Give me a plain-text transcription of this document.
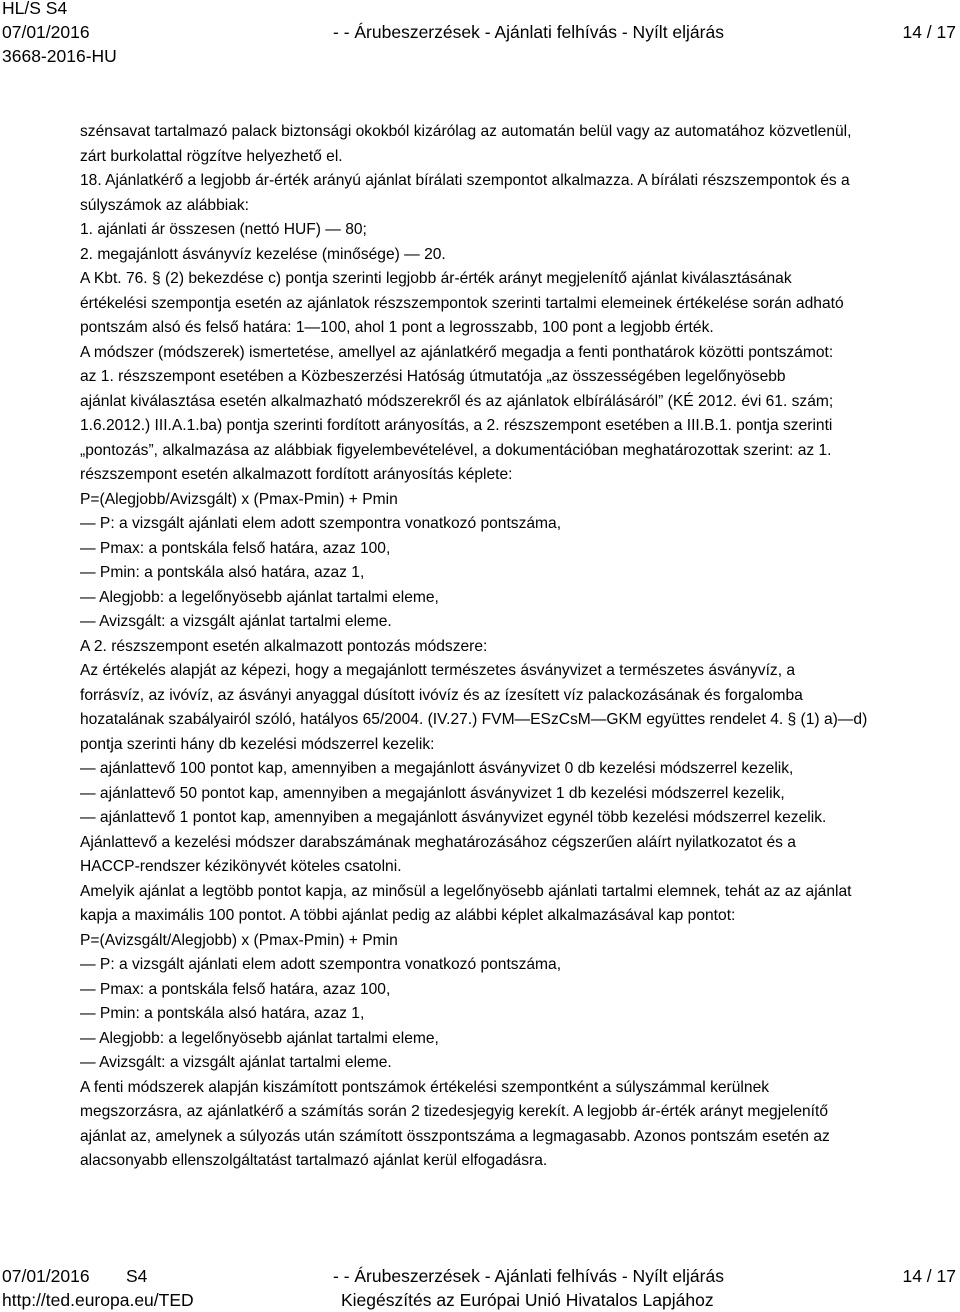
HL/S S4
07/01/2016
3668-2016-HU
- - Árubeszerzések - Ajánlati felhívás - Nyílt eljárás	14 / 17
szénsavat tartalmazó palack biztonsági okokból kizárólag az automatán belül vagy az automatához közvetlenül,
zárt burkolattal rögzítve helyezhető el.
18. Ajánlatkérő a legjobb ár-érték arányú ajánlat bírálati szempontot alkalmazza. A bírálati részszempontok és a
súlyszámok az alábbiak:
1. ajánlati ár összesen (nettó HUF) — 80;
2. megajánlott ásványvíz kezelése (minősége) — 20.
A Kbt. 76. § (2) bekezdése c) pontja szerinti legjobb ár-érték arányt megjelenítő ajánlat kiválasztásának
értékelési szempontja esetén az ajánlatok részszempontok szerinti tartalmi elemeinek értékelése során adható
pontszám alsó és felső határa: 1—100, ahol 1 pont a legrosszabb, 100 pont a legjobb érték.
A módszer (módszerek) ismertetése, amellyel az ajánlatkérő megadja a fenti ponthatárok közötti pontszámot:
az 1. részszempont esetében a Közbeszerzési Hatóság útmutatója „az összességében legelőnyösebb
ajánlat kiválasztása esetén alkalmazható módszerekről és az ajánlatok elbírálásáról” (KÉ 2012. évi 61. szám;
1.6.2012.) III.A.1.ba) pontja szerinti fordított arányosítás, a 2. részszempont esetében a III.B.1. pontja szerinti
„pontozás”, alkalmazása az alábbiak figyelembevételével, a dokumentációban meghatározottak szerint: az 1.
részszempont esetén alkalmazott fordított arányosítás képlete:
P=(Alegjobb/Avizsgált) x (Pmax-Pmin) + Pmin
— P: a vizsgált ajánlati elem adott szempontra vonatkozó pontszáma,
— Pmax: a pontskála felső határa, azaz 100,
— Pmin: a pontskála alsó határa, azaz 1,
— Alegjobb: a legelőnyösebb ajánlat tartalmi eleme,
— Avizsgált: a vizsgált ajánlat tartalmi eleme.
A 2. részszempont esetén alkalmazott pontozás módszere:
Az értékelés alapját az képezi, hogy a megajánlott természetes ásványvizet a természetes ásványvíz, a
forrásvíz, az ivóvíz, az ásványi anyaggal dúsított ivóvíz és az ízesített víz palackozásának és forgalomba
hozatalának szabályairól szóló, hatályos 65/2004. (IV.27.) FVM—ESzCsM—GKM együttes rendelet 4. § (1) a)—d)
pontja szerinti hány db kezelési módszerrel kezelik:
— ajánlattevő 100 pontot kap, amennyiben a megajánlott ásványvizet 0 db kezelési módszerrel kezelik,
— ajánlattevő 50 pontot kap, amennyiben a megajánlott ásványvizet 1 db kezelési módszerrel kezelik,
— ajánlattevő 1 pontot kap, amennyiben a megajánlott ásványvizet egynél több kezelési módszerrel kezelik.
Ajánlattevő a kezelési módszer darabszámának meghatározásához cégszerűen aláírt nyilatkozatot és a
HACCP-rendszer kézikönyvét köteles csatolni.
Amelyik ajánlat a legtöbb pontot kapja, az minősül a legelőnyösebb ajánlati tartalmi elemnek, tehát az az ajánlat
kapja a maximális 100 pontot. A többi ajánlat pedig az alábbi képlet alkalmazásával kap pontot:
P=(Avizsgált/Alegjobb) x (Pmax-Pmin) + Pmin
— P: a vizsgált ajánlati elem adott szempontra vonatkozó pontszáma,
— Pmax: a pontskála felső határa, azaz 100,
— Pmin: a pontskála alsó határa, azaz 1,
— Alegjobb: a legelőnyösebb ajánlat tartalmi eleme,
— Avizsgált: a vizsgált ajánlat tartalmi eleme.
A fenti módszerek alapján kiszámított pontszámok értékelési szempontként a súlyszámmal kerülnek
megszorzásra, az ajánlatkérő a számítás során 2 tizedesjegyig kerekít. A legjobb ár-érték arányt megjelenítő
ajánlat az, amelynek a súlyozás után számított összpontszáma a legmagasabb. Azonos pontszám esetén az
alacsonyabb ellenszolgáltatást tartalmazó ajánlat kerül elfogadásra.
07/01/2016 S4
http://ted.europa.eu/TED
- - Árubeszerzések - Ajánlati felhívás - Nyílt eljárás
Kiegészítés az Európai Unió Hivatalos Lapjához
14 / 17
